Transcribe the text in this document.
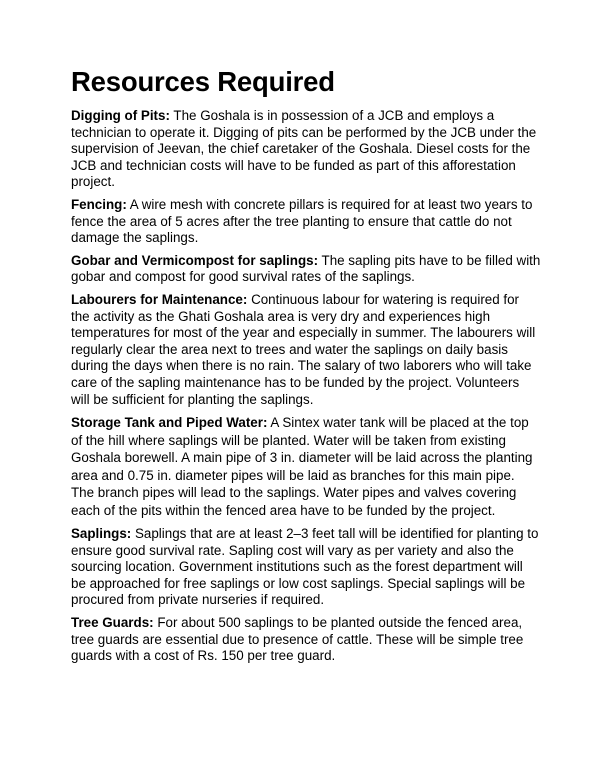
Resources Required

Digging of Pits: The Goshala is in possession of a JCB and employs a technician to operate it. Digging of pits can be performed by the JCB under the supervision of Jeevan, the chief caretaker of the Goshala. Diesel costs for the JCB and technician costs will have to be funded as part of this afforestation project.

Fencing: A wire mesh with concrete pillars is required for at least two years to fence the area of 5 acres after the tree planting to ensure that cattle do not damage the saplings.

Gobar and Vermicompost for saplings: The sapling pits have to be filled with gobar and compost for good survival rates of the saplings.

Labourers for Maintenance: Continuous labour for watering is required for the activity as the Ghati Goshala area is very dry and experiences high temperatures for most of the year and especially in summer. The labourers will regularly clear the area next to trees and water the saplings on daily basis during the days when there is no rain. The salary of two laborers who will take care of the sapling maintenance has to be funded by the project. Volunteers will be sufficient for planting the saplings.

Storage Tank and Piped Water: A Sintex water tank will be placed at the top of the hill where saplings will be planted. Water will be taken from existing Goshala borewell. A main pipe of 3 in. diameter will be laid across the planting area and 0.75 in. diameter pipes will be laid as branches for this main pipe. The branch pipes will lead to the saplings. Water pipes and valves covering each of the pits within the fenced area have to be funded by the project.

Saplings: Saplings that are at least 2–3 feet tall will be identified for planting to ensure good survival rate. Sapling cost will vary as per variety and also the sourcing location. Government institutions such as the forest department will be approached for free saplings or low cost saplings. Special saplings will be procured from private nurseries if required.

Tree Guards: For about 500 saplings to be planted outside the fenced area, tree guards are essential due to presence of cattle. These will be simple tree guards with a cost of Rs. 150 per tree guard.
